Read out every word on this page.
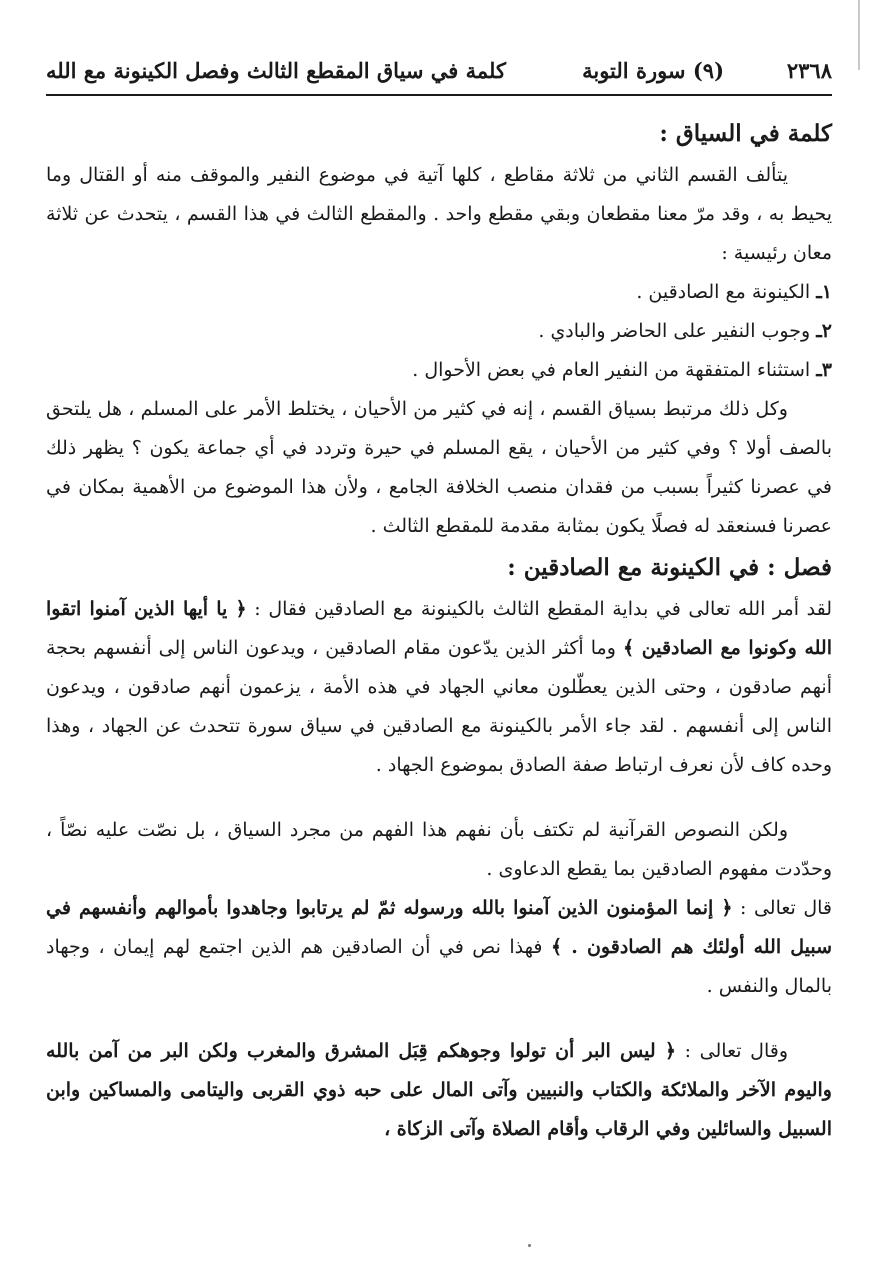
٢٣٦٨
(٩) سورة التوبة
كلمة في سياق المقطع الثالث وفصل الكينونة مع الله

كلمة في السياق :

يتألف القسم الثاني من ثلاثة مقاطع ، كلها آتية في موضوع النفير والموقف منه أو القتال وما يحيط به ، وقد مرّ معنا مقطعان وبقي مقطع واحد . والمقطع الثالث في هذا القسم ، يتحدث عن ثلاثة معان رئيسية :

١ـ الكينونة مع الصادقين .

٢ـ وجوب النفير على الحاضر والبادي .

٣ـ استثناء المتفقهة من النفير العام في بعض الأحوال .

وكل ذلك مرتبط بسياق القسم ، إنه في كثير من الأحيان ، يختلط الأمر على المسلم ، هل يلتحق بالصف أولا ؟ وفي كثير من الأحيان ، يقع المسلم في حيرة وتردد في أي جماعة يكون ؟ يظهر ذلك في عصرنا كثيراً بسبب من فقدان منصب الخلافة الجامع ، ولأن هذا الموضوع من الأهمية بمكان في عصرنا فسنعقد له فصلًا يكون بمثابة مقدمة للمقطع الثالث .

فصل : في الكينونة مع الصادقين :

لقد أمر الله تعالى في بداية المقطع الثالث بالكينونة مع الصادقين فقال : ﴿ يا أيها الذين آمنوا اتقوا الله وكونوا مع الصادقين ﴾ وما أكثر الذين يدّعون مقام الصادقين ، ويدعون الناس إلى أنفسهم بحجة أنهم صادقون ، وحتى الذين يعطّلون معاني الجهاد في هذه الأمة ، يزعمون أنهم صادقون ، ويدعون الناس إلى أنفسهم . لقد جاء الأمر بالكينونة مع الصادقين في سياق سورة تتحدث عن الجهاد ، وهذا وحده كاف لأن نعرف ارتباط صفة الصادق بموضوع الجهاد .

ولكن النصوص القرآنية لم تكتف بأن نفهم هذا الفهم من مجرد السياق ، بل نصّت عليه نصّاً ، وحدّدت مفهوم الصادقين بما يقطع الدعاوى .

قال تعالى : ﴿ إنما المؤمنون الذين آمنوا بالله ورسوله ثمّ لم يرتابوا وجاهدوا بأموالهم وأنفسهم في سبيل الله أولئك هم الصادقون . ﴾ فهذا نص في أن الصادقين هم الذين اجتمع لهم إيمان ، وجهاد بالمال والنفس .

وقال تعالى : ﴿ ليس البر أن تولوا وجوهكم قِبَل المشرق والمغرب ولكن البر من آمن بالله واليوم الآخر والملائكة والكتاب والنبيين وآتى المال على حبه ذوي القربى واليتامى والمساكين وابن السبيل والسائلين وفي الرقاب وأقام الصلاة وآتى الزكاة ،
